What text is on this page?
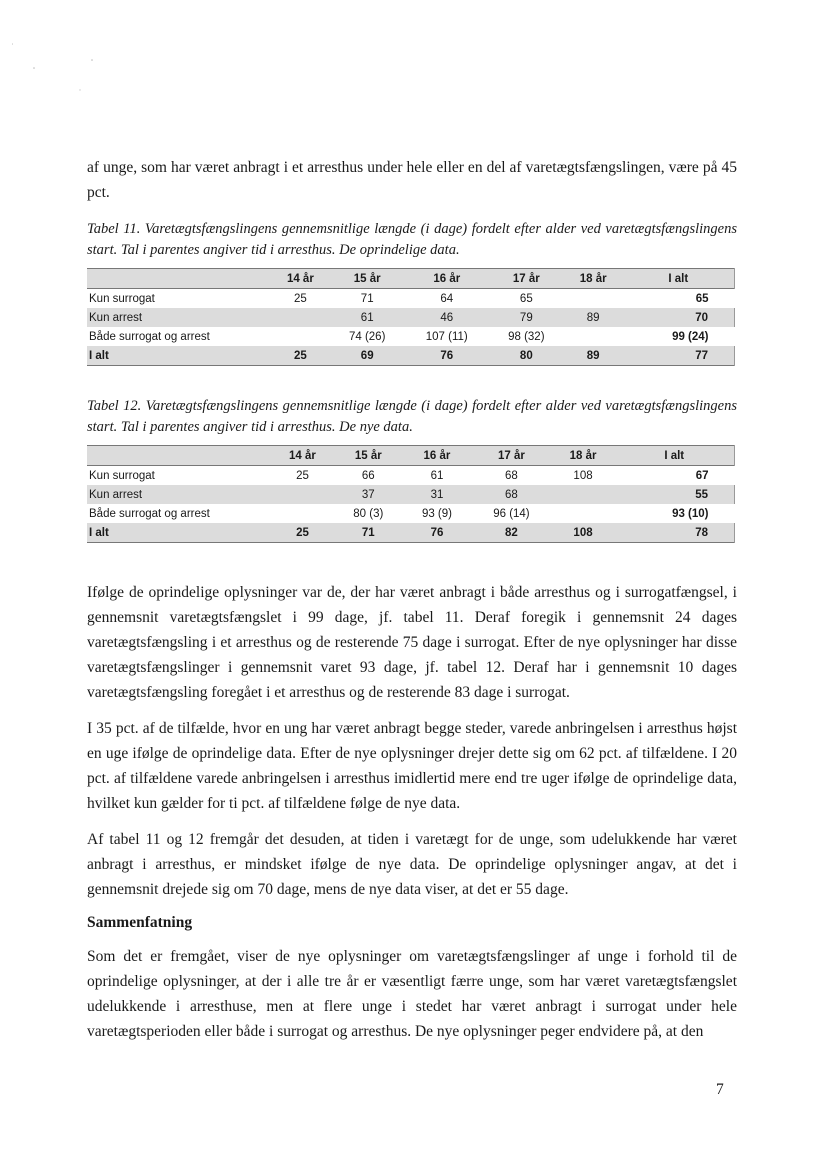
af unge, som har været anbragt i et arresthus under hele eller en del af varetægtsfængslingen, være på 45 pct.

Tabel 11. Varetægtsfængslingens gennemsnitlige længde (i dage) fordelt efter alder ved varetægtsfængslingens start. Tal i parentes angiver tid i arresthus. De oprindelige data.

	14 år	15 år	16 år	17 år	18 år	I alt
Kun surrogat	25	71	64	65		65
Kun arrest		61	46	79	89	70
Både surrogat og arrest		74 (26)	107 (11)	98 (32)		99 (24)
I alt	25	69	76	80	89	77

Tabel 12. Varetægtsfængslingens gennemsnitlige længde (i dage) fordelt efter alder ved varetægtsfængslingens start. Tal i parentes angiver tid i arresthus. De nye data.

	14 år	15 år	16 år	17 år	18 år	I alt
Kun surrogat	25	66	61	68	108	67
Kun arrest		37	31	68		55
Både surrogat og arrest		80 (3)	93 (9)	96 (14)		93 (10)
I alt	25	71	76	82	108	78

Ifølge de oprindelige oplysninger var de, der har været anbragt i både arresthus og i surrogatfængsel, i gennemsnit varetægtsfængslet i 99 dage, jf. tabel 11. Deraf foregik i gennemsnit 24 dages varetægtsfængsling i et arresthus og de resterende 75 dage i surrogat. Efter de nye oplysninger har disse varetægtsfængslinger i gennemsnit varet 93 dage, jf. tabel 12. Deraf har i gennemsnit 10 dages varetægtsfængsling foregået i et arresthus og de resterende 83 dage i surrogat.

I 35 pct. af de tilfælde, hvor en ung har været anbragt begge steder, varede anbringelsen i arresthus højst en uge ifølge de oprindelige data. Efter de nye oplysninger drejer dette sig om 62 pct. af tilfældene. I 20 pct. af tilfældene varede anbringelsen i arresthus imidlertid mere end tre uger ifølge de oprindelige data, hvilket kun gælder for ti pct. af tilfældene følge de nye data.

Af tabel 11 og 12 fremgår det desuden, at tiden i varetægt for de unge, som udelukkende har været anbragt i arresthus, er mindsket ifølge de nye data. De oprindelige oplysninger angav, at det i gennemsnit drejede sig om 70 dage, mens de nye data viser, at det er 55 dage.

Sammenfatning

Som det er fremgået, viser de nye oplysninger om varetægtsfængslinger af unge i forhold til de oprindelige oplysninger, at der i alle tre år er væsentligt færre unge, som har været varetægtsfængslet udelukkende i arresthuse, men at flere unge i stedet har været anbragt i surrogat under hele varetægtsperioden eller både i surrogat og arresthus. De nye oplysninger peger endvidere på, at den

7
